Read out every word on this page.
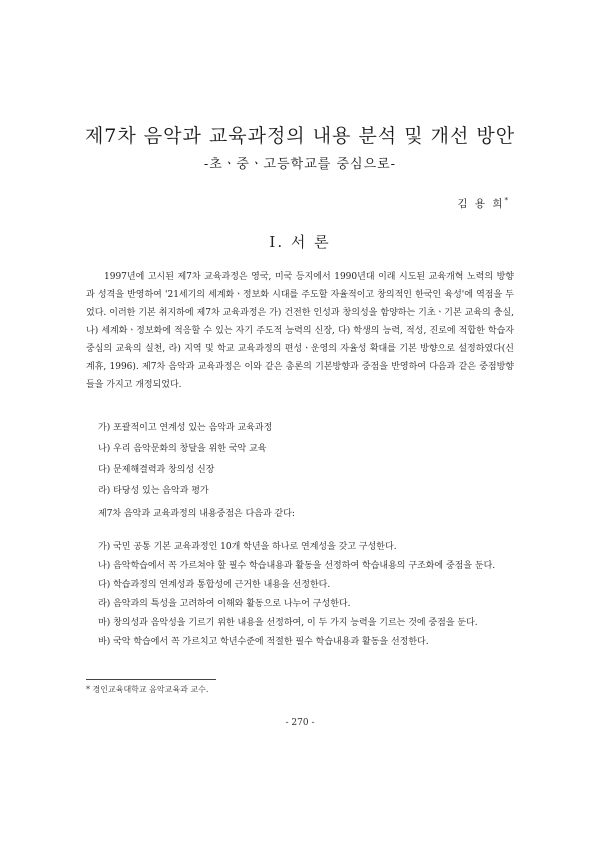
제7차 음악과 교육과정의 내용 분석 및 개선 방안
-초ㆍ중ㆍ고등학교를 중심으로-
김 용 희*
I. 서 론
1997년에 고시된 제7차 교육과정은 영국, 미국 등지에서 1990년대 이래 시도된 교육개혁 노력의 방향과 성격을 반영하여 '21세기의 세계화ㆍ정보화 시대를 주도할 자율적이고 창의적인 한국인 육성'에 역점을 두었다. 이러한 기본 취지하에 제7차 교육과정은 가) 건전한 인성과 창의성을 함양하는 기초ㆍ기본 교육의 충실, 나) 세계화ㆍ정보화에 적응할 수 있는 자기 주도적 능력의 신장, 다) 학생의 능력, 적성, 진로에 적합한 학습자 중심의 교육의 실천, 라) 지역 및 학교 교육과정의 편성ㆍ운영의 자율성 확대를 기본 방향으로 설정하였다(신계휴, 1996). 제7차 음악과 교육과정은 이와 같은 총론의 기본방향과 중점을 반영하여 다음과 같은 중점방향들을 가지고 개정되었다.
가) 포괄적이고 연계성 있는 음악과 교육과정
나) 우리 음악문화의 창달을 위한 국악 교육
다) 문제해결력과 창의성 신장
라) 타당성 있는 음악과 평가
제7차 음악과 교육과정의 내용중점은 다음과 같다:
가) 국민 공통 기본 교육과정인 10개 학년을 하나로 연계성을 갖고 구성한다.
나) 음악학습에서 꼭 가르쳐야 할 필수 학습내용과 활동을 선정하여 학습내용의 구조화에 중점을 둔다.
다) 학습과정의 연계성과 통합성에 근거한 내용을 선정한다.
라) 음악과의 특성을 고려하여 이해와 활동으로 나누어 구성한다.
마) 창의성과 음악성을 기르기 위한 내용을 선정하여, 이 두 가지 능력을 기르는 것에 중점을 둔다.
바) 국악 학습에서 꼭 가르치고 학년수준에 적절한 필수 학습내용과 활동을 선정한다.
* 경인교육대학교 음악교육과 교수.
- 270 -
